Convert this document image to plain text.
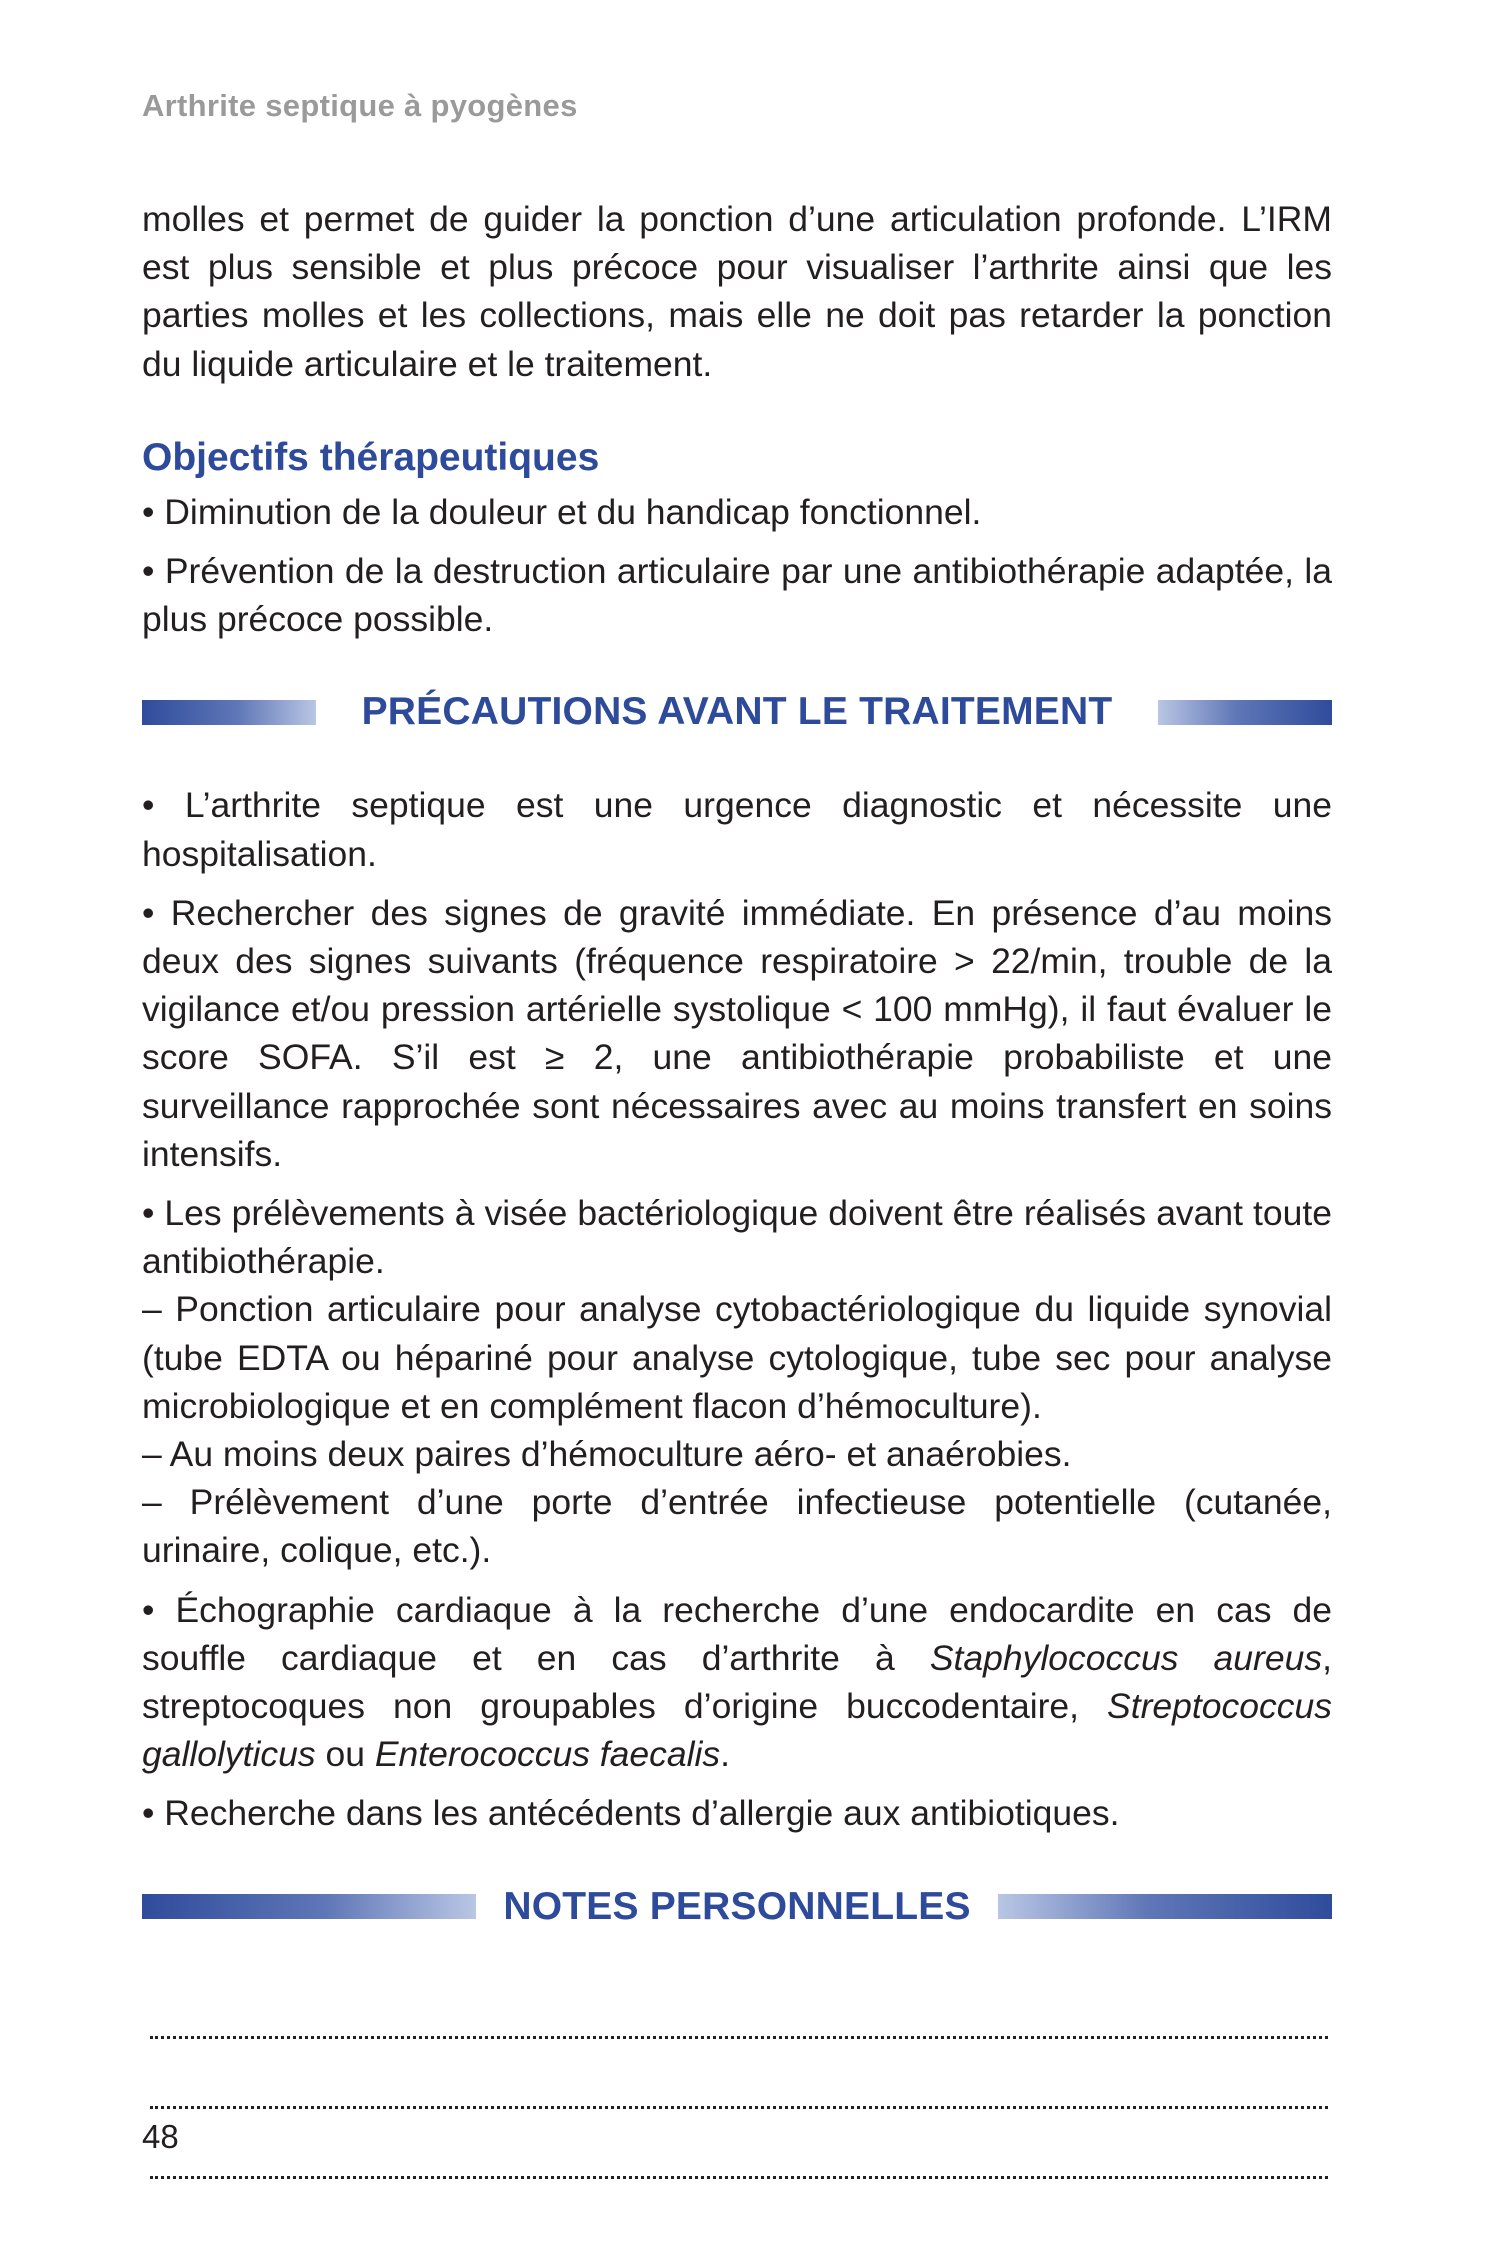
Arthrite septique à pyogènes

molles et permet de guider la ponction d’une articulation profonde. L’IRM est plus sensible et plus précoce pour visualiser l’arthrite ainsi que les parties molles et les collections, mais elle ne doit pas retarder la ponction du liquide articulaire et le traitement.

Objectifs thérapeutiques

• Diminution de la douleur et du handicap fonctionnel.

• Prévention de la destruction articulaire par une antibiothérapie adaptée, la plus précoce possible.

PRÉCAUTIONS AVANT LE TRAITEMENT

• L’arthrite septique est une urgence diagnostic et nécessite une hospitalisation.

• Rechercher des signes de gravité immédiate. En présence d’au moins deux des signes suivants (fréquence respiratoire > 22/min, trouble de la vigilance et/ou pression artérielle systolique < 100 mmHg), il faut évaluer le score SOFA. S’il est ≥ 2, une antibiothérapie probabiliste et une surveillance rapprochée sont nécessaires avec au moins transfert en soins intensifs.

• Les prélèvements à visée bactériologique doivent être réalisés avant toute antibiothérapie.
– Ponction articulaire pour analyse cytobactériologique du liquide synovial (tube EDTA ou hépariné pour analyse cytologique, tube sec pour analyse microbiologique et en complément flacon d’hémoculture).
– Au moins deux paires d’hémoculture aéro- et anaérobies.
– Prélèvement d’une porte d’entrée infectieuse potentielle (cutanée, urinaire, colique, etc.).

• Échographie cardiaque à la recherche d’une endocardite en cas de souffle cardiaque et en cas d’arthrite à Staphylococcus aureus, streptocoques non groupables d’origine buccodentaire, Streptococcus gallolyticus ou Enterococcus faecalis.

• Recherche dans les antécédents d’allergie aux antibiotiques.

NOTES PERSONNELLES
48
